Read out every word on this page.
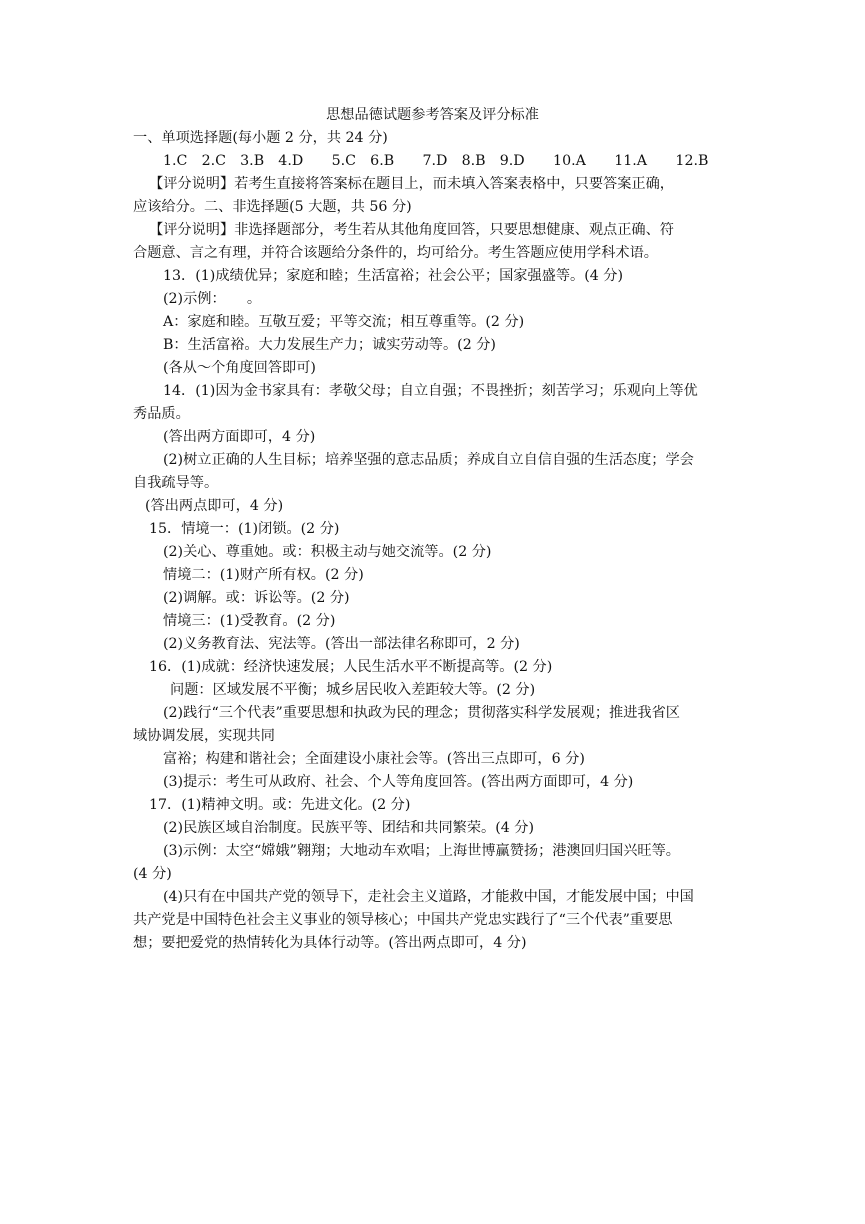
思想品德试题参考答案及评分标准
一、单项选择题(每小题 2 分，共 24 分)
1.C　2.C　3.B　4.D　　5.C　6.B　　7.D　8.B　9.D　　10.A　　11.A　　12.B
【评分说明】若考生直接将答案标在题目上，而未填入答案表格中，只要答案正确，
应该给分。二、非选择题(5 大题，共 56 分)
【评分说明】非选择题部分，考生若从其他角度回答，只要思想健康、观点正确、符
合题意、言之有理，并符合该题给分条件的，均可给分。考生答题应使用学科术语。
13．(1)成绩优异；家庭和睦；生活富裕；社会公平；国家强盛等。(4 分)
(2)示例：　　。
A：家庭和睦。互敬互爱；平等交流；相互尊重等。(2 分)
B：生活富裕。大力发展生产力；诚实劳动等。(2 分)
(各从～个角度回答即可)
14．(1)因为金书家具有：孝敬父母；自立自强；不畏挫折；刻苦学习；乐观向上等优
秀品质。
(答出两方面即可，4 分)
(2)树立正确的人生目标；培养坚强的意志品质；养成自立自信自强的生活态度；学会
自我疏导等。
(答出两点即可，4 分)
15．情境一：(1)闭锁。(2 分)
(2)关心、尊重她。或：积极主动与她交流等。(2 分)
情境二：(1)财产所有权。(2 分)
(2)调解。或：诉讼等。(2 分)
情境三：(1)受教育。(2 分)
(2)义务教育法、宪法等。(答出一部法律名称即可，2 分)
16．(1)成就：经济快速发展；人民生活水平不断提高等。(2 分)
问题：区域发展不平衡；城乡居民收入差距较大等。(2 分)
(2)践行“三个代表”重要思想和执政为民的理念；贯彻落实科学发展观；推进我省区
域协调发展，实现共同
富裕；构建和谐社会；全面建设小康社会等。(答出三点即可，6 分)
(3)提示：考生可从政府、社会、个人等角度回答。(答出两方面即可，4 分)
17．(1)精神文明。或：先进文化。(2 分)
(2)民族区域自治制度。民族平等、团结和共同繁荣。(4 分)
(3)示例：太空“嫦娥”翱翔；大地动车欢唱；上海世博赢赞扬；港澳回归国兴旺等。
(4 分)
(4)只有在中国共产党的领导下，走社会主义道路，才能救中国，才能发展中国；中国
共产党是中国特色社会主义事业的领导核心；中国共产党忠实践行了“三个代表”重要思
想；要把爱党的热情转化为具体行动等。(答出两点即可，4 分)
